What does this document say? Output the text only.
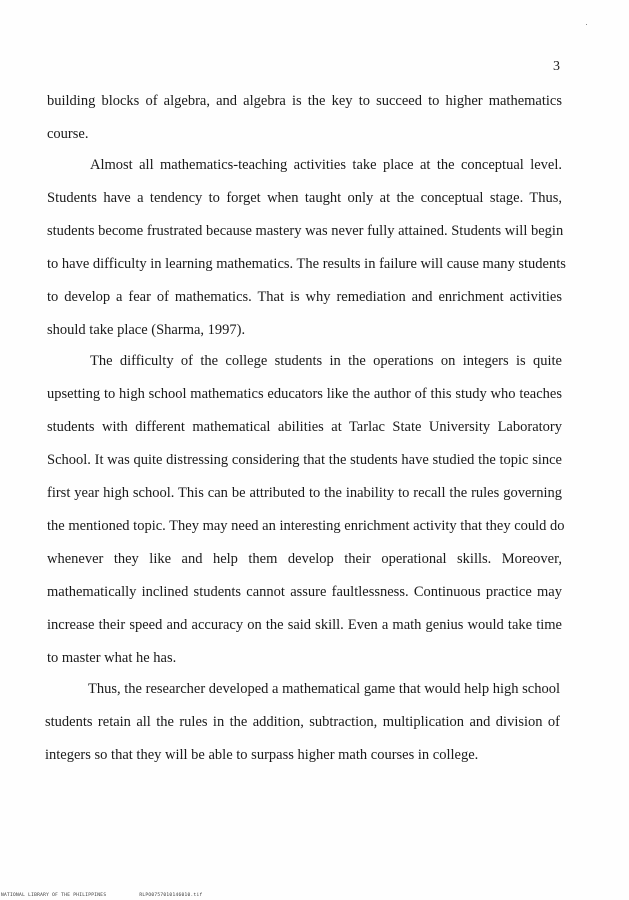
3
building blocks of algebra, and algebra is the key to succeed to higher mathematics
course.
Almost all mathematics-teaching activities take place at the conceptual level.
Students have a tendency to forget when taught only at the conceptual stage. Thus,
students become frustrated because mastery was never fully attained. Students will begin
to have difficulty in learning mathematics. The results in failure will cause many students
to develop a fear of mathematics. That is why remediation and enrichment activities
should take place (Sharma, 1997).
The difficulty of the college students in the operations on integers is quite
upsetting to high school mathematics educators like the author of this study who teaches
students with different mathematical abilities at Tarlac State University Laboratory
School. It was quite distressing considering that the students have studied the topic since
first year high school. This can be attributed to the inability to recall the rules governing
the mentioned topic. They may need an interesting enrichment activity that they could do
whenever they like and help them develop their operational skills. Moreover,
mathematically inclined students cannot assure faultlessness. Continuous practice may
increase their speed and accuracy on the said skill. Even a math genius would take time
to master what he has.
Thus, the researcher developed a mathematical game that would help high school
students retain all the rules in the addition, subtraction, multiplication and division of
integers so that they will be able to surpass higher math courses in college.
NATIONAL LIBRARY OF THE PHILIPPINES	RLPO0757010146010.tif
